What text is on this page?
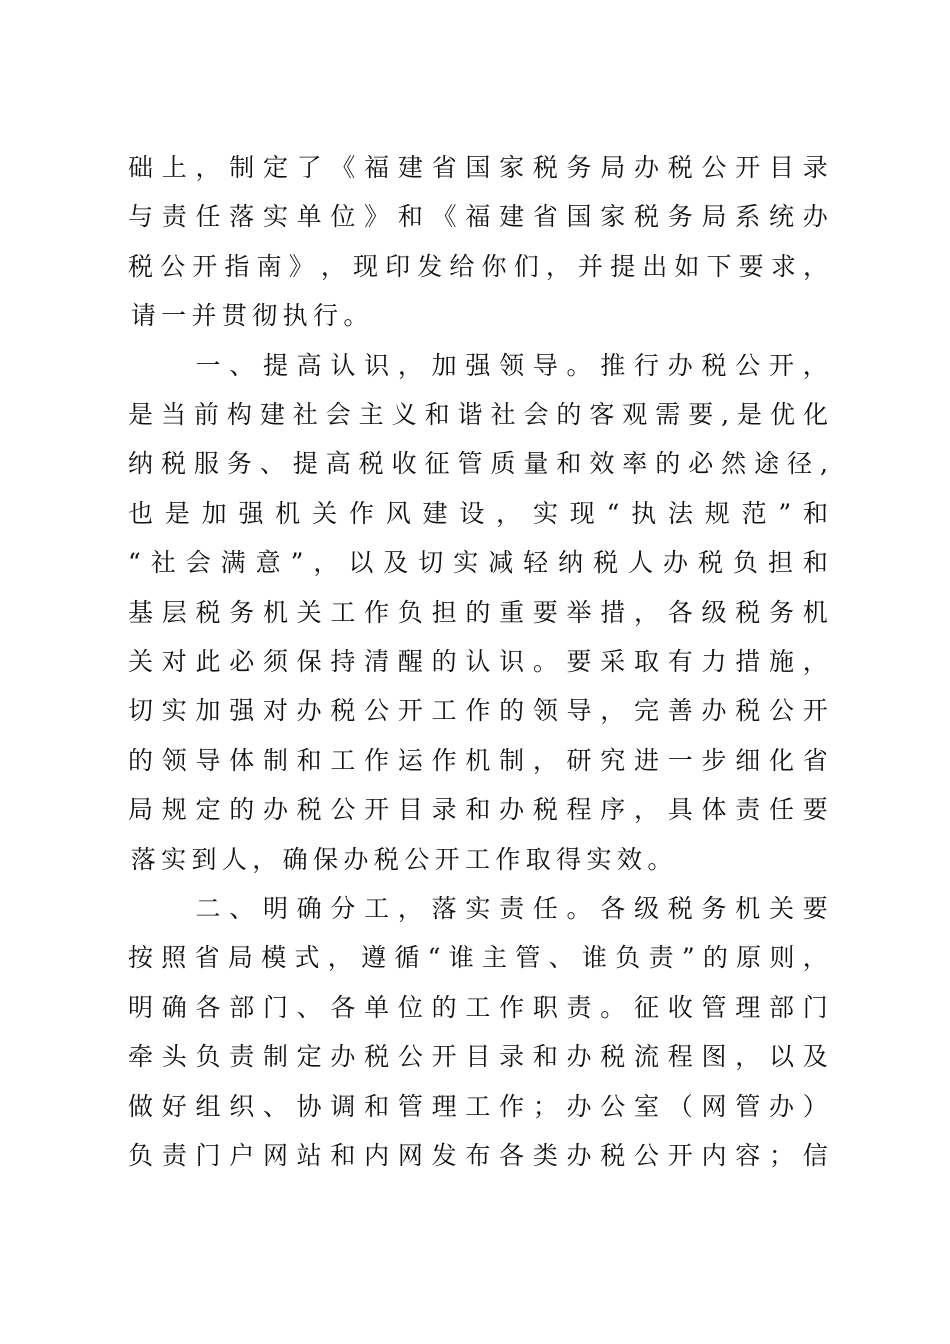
础 上 ， 制 定 了 《 福 建 省 国 家 税 务 局 办 税 公 开 目 录
与 责 任 落 实 单 位 》 和 《 福 建 省 国 家 税 务 局 系 统 办
税 公 开 指 南 》 ， 现 印 发 给 你 们 ， 并 提 出 如 下 要 求 ，
请 一 并 贯 彻 执 行 。

一 、 提 高 认 识 ， 加 强 领 导 。 推 行 办 税 公 开 ，
是 当 前 构 建 社 会 主 义 和 谐 社 会 的 客 观 需 要 , 是 优 化
纳 税 服 务 、 提 高 税 收 征 管 质 量 和 效 率 的 必 然 途 径 ,
也 是 加 强 机 关 作 风 建 设 ， 实 现 “ 执 法 规 范 ” 和
“ 社 会 满 意 ” ， 以 及 切 实 减 轻 纳 税 人 办 税 负 担 和
基 层 税 务 机 关 工 作 负 担 的 重 要 举 措 ， 各 级 税 务 机
关 对 此 必 须 保 持 清 醒 的 认 识 。 要 采 取 有 力 措 施 ，
切 实 加 强 对 办 税 公 开 工 作 的 领 导 ， 完 善 办 税 公 开
的 领 导 体 制 和 工 作 运 作 机 制 ， 研 究 进 一 步 细 化 省
局 规 定 的 办 税 公 开 目 录 和 办 税 程 序 ， 具 体 责 任 要
落 实 到 人 ， 确 保 办 税 公 开 工 作 取 得 实 效 。

二 、 明 确 分 工 ， 落 实 责 任 。 各 级 税 务 机 关 要
按 照 省 局 模 式 ， 遵 循 “ 谁 主 管 、 谁 负 责 ” 的 原 则 ，
明 确 各 部 门 、 各 单 位 的 工 作 职 责 。 征 收 管 理 部 门
牵 头 负 责 制 定 办 税 公 开 目 录 和 办 税 流 程 图 ， 以 及
做 好 组 织 、 协 调 和 管 理 工 作 ； 办 公 室 （ 网 管 办 ）
负 责 门 户 网 站 和 内 网 发 布 各 类 办 税 公 开 内 容 ； 信
